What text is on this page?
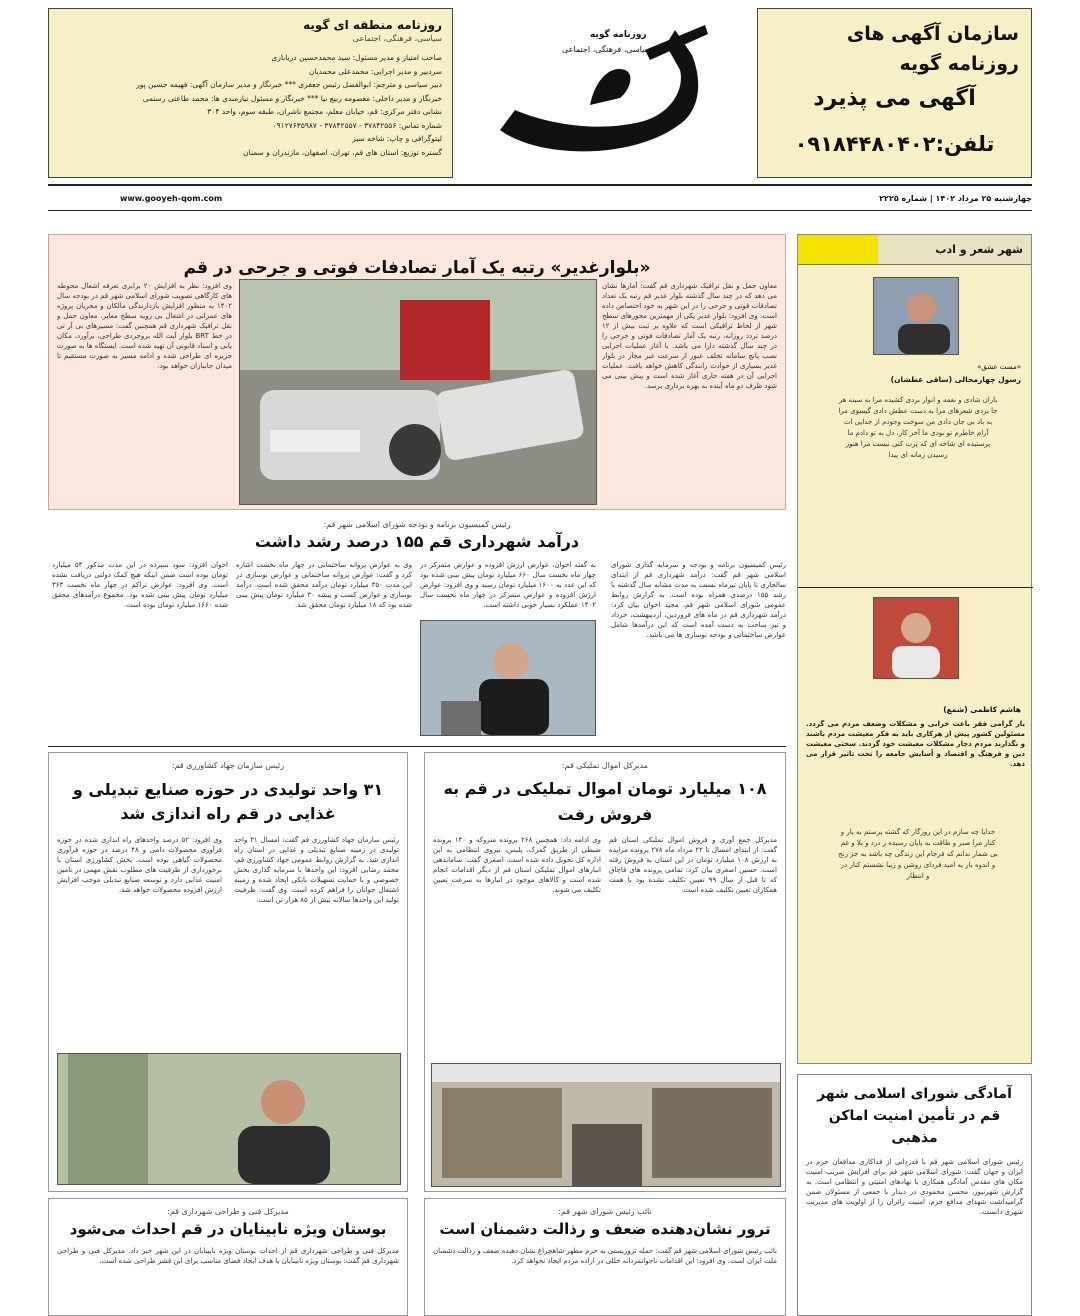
سازمان آگهی های روزنامه گویه
آگهی می پذیرد
تلفن:۰۹۱۸۴۴۸۰۴۰۲
روزنامه گویه
سیاسی، فرهنگی، اجتماعی
روزنامه منطقه ای گویه
سیاسی، فرهنگی، اجتماعی
صاحب امتیاز و مدیر مسئول: سید محمدحسین دریاباری
سردبیر و مدیر اجرایی: محمدعلی محمدیان
دبیر سیاسی و مترجم: ابوالفضل رئیس جعفری *** خبرنگار و مدیر سازمان آگهی: فهیمه حسین پور
خبرنگار و مدیر داخلی: معصومه ربیع نیا *** خبرنگار و مسئول نیازمندی ها: محمد طاعتی رستمی
نشانی دفتر مرکزی: قم، خیابان معلم، مجتمع ناشران، طبقه سوم، واحد ۳۰۴
شماره تماس: ۳۷۸۴۲۵۵۶ - ۳۷۸۴۲۵۵۷ - ۰۹۱۲۷۶۳۵۹۸۷
لیتوگرافی و چاپ: شاخه سبز
گستره توزیع: استان های قم، تهران، اصفهان، مازندران و سمنان
چهارشنبه ۲۵ مرداد ۱۴۰۲ | شماره ۲۲۲۵
www.gooyeh-qom.com
«بلوارغدیر» رتبه یک آمار تصادفات فوتی و جرحی در قم
معاون حمل و نقل ترافیک شهرداری قم گفت: آمارها نشان می دهد که در چند سال گذشته بلوار غدیر قم رتبه یک تعداد تصادفات فوتی و جرحی را در این شهر به خود اختصاص داده است. وی افزود: بلوار غدیر یکی از مهمترین محورهای سطح شهر از لحاظ ترافیکی است که علاوه بر ثبت بیش از ۱۲ درصد تردد روزانه، رتبه یک آمار تصادفات فوتی و جرحی را در چند سال گذشته دارا می باشد. با آغاز عملیات اجرایی نصب پانچ سامانه تخلف عبور از سرعت غیر مجاز در بلوار غدیر بسیاری از حوادث رانندگی کاهش خواهد یافت. عملیات اجرایی آن در هفته جاری آغاز شده است و پیش بینی می شود ظرف دو ماه آینده به بهره برداری برسد.
وی افزود: نظر به افزایش ۲۰ برابری تعرفه اشغال محوطه های کارگاهی تصویب شورای اسلامی شهر قم در بودجه سال ۱۴۰۲ به منظور افزایش بازدارندگی مالکان و مجریان پروژه های عمرانی در اشغال بی رویه سطح معابر. معاون حمل و نقل ترافیک شهرداری قم همچنین گفت: مسیرهای بی آر تی در خط BRT بلوار آیت الله بروجردی طراحی، برآورد، مکان یابی و اسناد قانونی آن تهیه شده است. ایستگاه ها به صورت جزیره ای طراحی شده و ادامه مسیر به صورت مستقیم تا میدان جانبازان خواهد بود.
رئیس کمیسیون برنامه و بودجه شورای اسلامی شهر قم:
درآمد شهرداری قم ۱۵۵ درصد رشد داشت
رئیس کمیسیون برنامه و بودجه و سرمایه گذاری شورای اسلامی شهر قم گفت: درآمد شهرداری قم از ابتدای سالجاری تا پایان تیرماه نسبت به مدت مشابه سال گذشته با رشد ۱۵۵ درصدی همراه بوده است. به گزارش روابط عمومی شورای اسلامی شهر قم، مجید اخوان بیان کرد: درآمد شهرداری قم در ماه های فروردین، اردیبهشت، خرداد و تیر ساخت به دست آمده است که این درآمدها شامل عوارض ساختمانی و بودجه نوسازی ها می باشد.
به گفته اخوان، عوارض ارزش افزوده و عوارض متمرکز در چهار ماه نخست سال ۶۶۰ میلیارد تومان پیش بینی شده بود که این عدد به ۱۶۰۰ میلیارد تومان رسید و وی افزود: عوارض ارزش افزوده و عوارض متمرکز در چهار ماه نخست سال ۱۴۰۲ عملکرد بسیار خوبی داشته است.
وی به عوارض پروانه ساختمانی در چهار ماه نخست اشاره کرد و گفت: عوارض پروانه ساختمانی و عوارض نوسازی در این مدت ۳۵۰ میلیارد تومان درآمد محقق شده است. درآمد نوسازی و عوارض کسب و پیشه ۳۰ میلیارد تومان پیش بینی شده بود که ۱۸ میلیارد تومان محقق شد.
اخوان افزود: سود سپرده در این مدت مذکور ۵۴ میلیارد تومان بوده است ضمن اینکه هیچ کمک دولتی دریافت نشده است. وی افزود: عوارض تراکم در چهار ماه نخست ۳۶۳ میلیارد تومان پیش بینی شده بود. مجموع درآمدهای محقق شده ۱۶۶۰ میلیارد تومان بوده است.
رئیس سازمان جهاد کشاورزی قم:
۳۱ واحد تولیدی در حوزه صنایع تبدیلی و غذایی در قم راه اندازی شد
رئیس سازمان جهاد کشاورزی قم گفت: امسال ۳۱ واحد تولیدی در زمینه صنایع تبدیلی و غذایی در استان راه اندازی شد. به گزارش روابط عمومی جهاد کشاورزی قم، محمد رضایی افزود: این واحدها با سرمایه گذاری بخش خصوصی و با حمایت تسهیلات بانکی ایجاد شده و زمینه اشتغال جوانان را فراهم کرده است. وی گفت: ظرفیت تولید این واحدها سالانه بیش از ۸۵ هزار تن است.
وی افزود: ۵۲ درصد واحدهای راه اندازی شده در حوزه فرآوری محصولات دامی و ۴۸ درصد در حوزه فرآوری محصولات گیاهی بوده است. بخش کشاورزی استان با برخورداری از ظرفیت های مطلوب نقش مهمی در تامین امنیت غذایی دارد و توسعه صنایع تبدیلی موجب افزایش ارزش افزوده محصولات خواهد شد.
مدیرکل اموال تملیکی قم:
۱۰۸ میلیارد تومان اموال تملیکی در قم به فروش رفت
مدیرکل جمع آوری و فروش اموال تملیکی استان قم گفت: از ابتدای امسال تا ۲۲ مرداد ماه ۲۷۸ پرونده مزایده به ارزش ۱۰۸ میلیارد تومان در این استان به فروش رفته است. حسین اصغری بیان کرد: تمامی پرونده های قاچاق که تا قبل از سال ۹۹ تعیین تکلیف نشده بود با همت همکاران تعیین تکلیف شده است.
وی ادامه داد: همچنین ۲۶۸ پرونده متروکه و ۱۴۰ پرونده ضبطی از طریق گمرک، پلیس، نیروی انتظامی به این اداره کل تحویل داده شده است. اصغری گفت: ساماندهی انبارهای اموال تملیکی استان قم از دیگر اقدامات انجام شده است و کالاهای موجود در انبارها به سرعت تعیین تکلیف می شوند.
شهر شعر و ادب
«مست عشق»
رسول چهارمحالی (ساقی عطشان)
باران شادی و نغمه و انوار بردی کشیده مرا به سینه هر جا بردی شعرهای مرا به دست عطش دادی گیسوی مرا به باد بی جان دادی من سوخت وجودم از جدایی ات آرام خاطرم تو بودی ما آخر کار، دل به تو دادم ما پرستیده ای شاخه ای که پرت کنی نیست مرا هنوز رسیدن زمانه ای پیدا
هاشم کاظمی (شمع)
یار گرامی فقر باعث خرابی و مشکلات وضعف مردم می گردد. مسئولین کشور پیش از هرکاری باید به فکر معیشت مردم باشند و نگذارند مردم دچار مشکلات معیشت خود گردند. سختی معیشت دین و فرهنگ و اقتصاد و آسایش جامعه را تحت تاثیر قرار می دهد.
خدایا چه سازم در این روزگار که گشته پرستم به یار و کنار مرا صبر و طاقت به پایان رسیده ز درد و بلا و غم بی شمار ندانم که فرجام این زندگی چه باشد به جز رنج و اندوه بار به امید فردای روشن و زیبا نشستم کنار در و انتظار
آمادگی شورای اسلامی شهر قم در تأمین امنیت اماکن مذهبی
رئیس شورای اسلامی شهر قم با قدردانی از فداکاری مدافعان حرم در ایران و جهان گفت: شورای اسلامی شهر قم برای افزایش ضریب امنیت مکان های مقدس آمادگی همکاری با نهادهای امنیتی و انتظامی است. به گزارش شهرنیوز، محسن محمودی در دیدار با جمعی از مسئولان ضمن گرامیداشت شهدای مدافع حرم، امنیت زائران را از اولویت های مدیریت شهری دانست.
مدیرکل فنی و طراحی شهرداری قم:
بوستان ویژه نابینایان در قم احداث می‌شود
مدیرکل فنی و طراحی شهرداری قم از احداث بوستان ویژه نابینایان در این شهر خبر داد. مدیرکل فنی و طراحی شهرداری قم گفت: بوستان ویژه نابینایان با هدف ایجاد فضای مناسب برای این قشر طراحی شده است.
نائب رئیس شورای شهر قم:
ترور نشان‌دهنده ضعف و رذالت دشمنان است
نائب رئیس شورای اسلامی شهر قم گفت: حمله تروریستی به حرم مطهر شاهچراغ نشان دهنده ضعف و رذالت دشمنان ملت ایران است. وی افزود: این اقدامات ناجوانمردانه خللی در اراده مردم ایجاد نخواهد کرد.
